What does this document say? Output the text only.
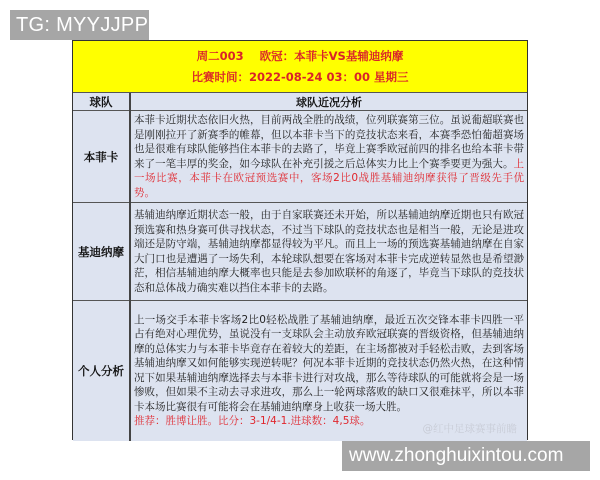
TG: MYYJJPP
周二003    欧冠：本菲卡VS基辅迪纳摩
比赛时间：2022-08-24 03：00 星期三
球队	球队近况分析
本菲卡	本菲卡近期状态依旧火热，目前两战全胜的战绩，位列联赛第三位。虽说葡超联赛也是刚刚拉开了新赛季的帷幕，但以本菲卡当下的竞技状态来看，本赛季恐怕葡超赛场也是很难有球队能够挡住本菲卡的去路了，毕竟上赛季欧冠前四的排名也给本菲卡带来了一笔丰厚的奖金，如今球队在补充引援之后总体实力比上个赛季要更为强大。上一场比赛，本菲卡在欧冠预选赛中，客场2比0战胜基辅迪纳摩获得了晋级先手优势。
基迪纳摩	基辅迪纳摩近期状态一般，由于自家联赛还未开始，所以基辅迪纳摩近期也只有欧冠预选赛和热身赛可供寻找状态，不过当下球队的竞技状态也是相当一般，无论是进攻端还是防守端，基辅迪纳摩都显得较为平凡。而且上一场的预选赛基辅迪纳摩在自家大门口也是遭遇了一场失利，本轮球队想要在客场对本菲卡完成逆转显然也是希望渺茫，相信基辅迪纳摩大概率也只能是去参加欧联杯的角逐了，毕竟当下球队的竞技状态和总体战力确实难以挡住本菲卡的去路。
个人分析	上一场交手本菲卡客场2比0轻松战胜了基辅迪纳摩，最近五次交锋本菲卡四胜一平占有绝对心理优势，虽说没有一支球队会主动放弃欧冠联赛的晋级资格，但基辅迪纳摩的总体实力与本菲卡毕竟存在着较大的差距，在主场都被对手轻松击败，去到客场基辅迪纳摩又如何能够实现逆转呢？何况本菲卡近期的竞技状态仍然火热，在这种情况下如果基辅迪纳摩选择去与本菲卡进行对攻战，那么等待球队的可能就将会是一场惨败，但如果不主动去寻求进攻，那么上一轮两球落败的缺口又很难抹平，所以本菲卡本场比赛很有可能将会在基辅迪纳摩身上收获一场大胜。
推荐：胜博让胜。比分：3-1/4-1.进球数：4,5球。
@红中足球赛事前瞻
www.zhonghuixintou.com
